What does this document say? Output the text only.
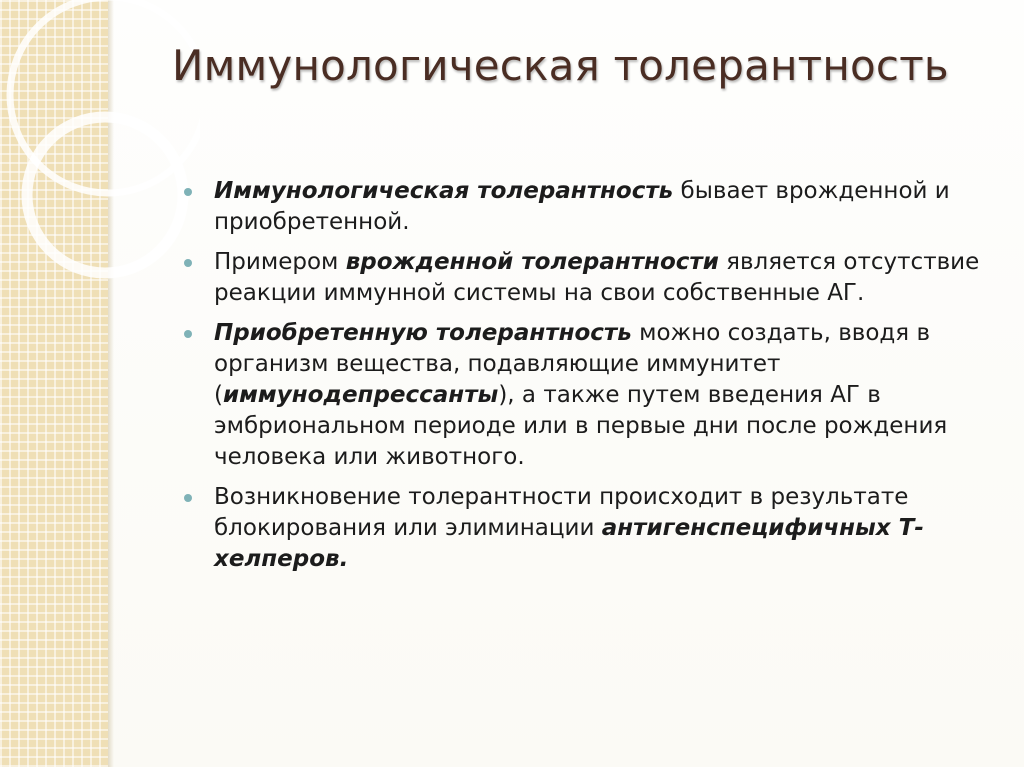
Иммунологическая толерантность
Иммунологическая толерантность бывает врожденной и приобретенной.
Примером врожденной толерантности является отсутствие реакции иммунной системы на свои собственные АГ.
Приобретенную толерантность можно создать, вводя в организм вещества, подавляющие иммунитет (иммунодепрессанты), а также путем введения АГ в эмбриональном периоде или в первые дни после рождения человека или животного.
Возникновение толерантности происходит в результате блокирования или элиминации антигенспецифичных Т-хелперов.
